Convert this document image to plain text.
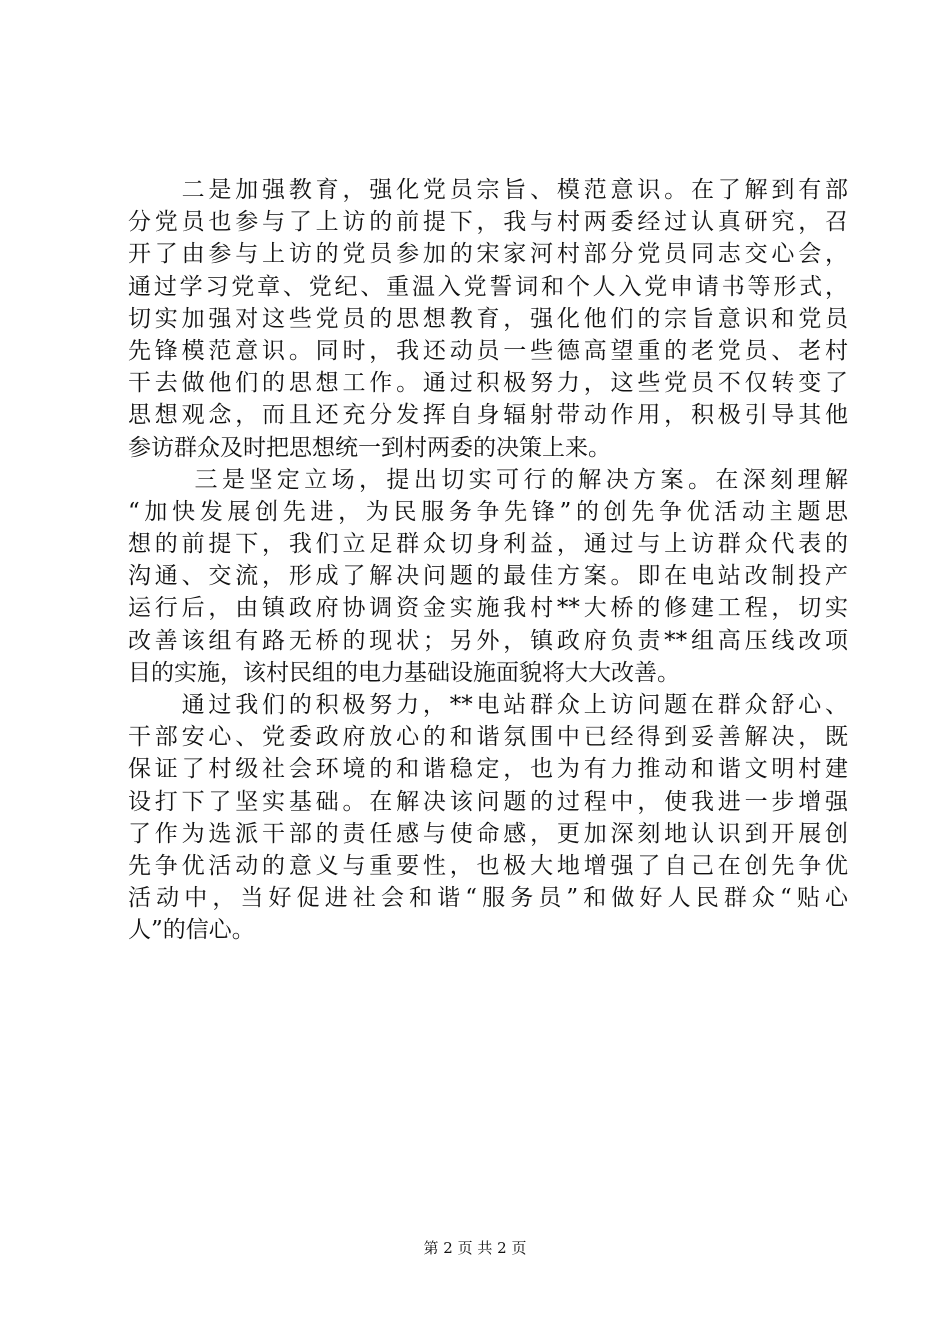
　　二是加强教育，强化党员宗旨、模范意识。在了解到有部
分党员也参与了上访的前提下，我与村两委经过认真研究，召
开了由参与上访的党员参加的宋家河村部分党员同志交心会，
通过学习党章、党纪、重温入党誓词和个人入党申请书等形式，
切实加强对这些党员的思想教育，强化他们的宗旨意识和党员
先锋模范意识。同时，我还动员一些德高望重的老党员、老村
干去做他们的思想工作。通过积极努力，这些党员不仅转变了
思想观念，而且还充分发挥自身辐射带动作用，积极引导其他
参访群众及时把思想统一到村两委的决策上来。
　　 三是坚定立场，提出切实可行的解决方案。在深刻理解
“加快发展创先进，为民服务争先锋”的创先争优活动主题思
想的前提下，我们立足群众切身利益，通过与上访群众代表的
沟通、交流，形成了解决问题的最佳方案。即在电站改制投产
运行后，由镇政府协调资金实施我村**大桥的修建工程，切实
改善该组有路无桥的现状；另外，镇政府负责**组高压线改项
目的实施，该村民组的电力基础设施面貌将大大改善。
　　通过我们的积极努力，**电站群众上访问题在群众舒心、
干部安心、党委政府放心的和谐氛围中已经得到妥善解决，既
保证了村级社会环境的和谐稳定，也为有力推动和谐文明村建
设打下了坚实基础。在解决该问题的过程中，使我进一步增强
了作为选派干部的责任感与使命感，更加深刻地认识到开展创
先争优活动的意义与重要性，也极大地增强了自己在创先争优
活动中，当好促进社会和谐“服务员”和做好人民群众“贴心
人”的信心。
第 2 页 共 2 页
